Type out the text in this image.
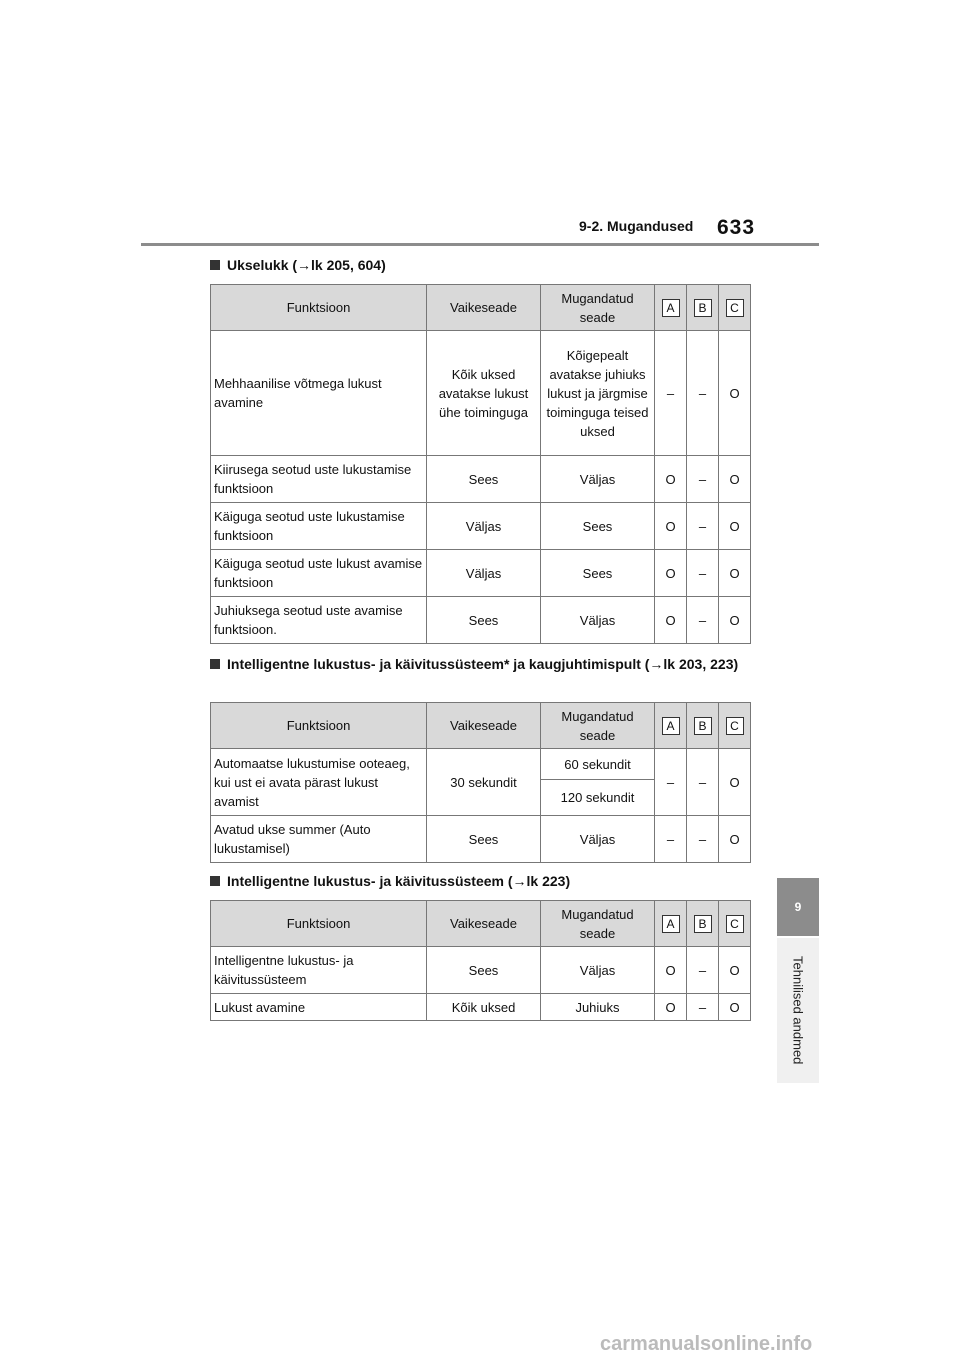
9-2. Mugandused 633
9
Tehnilised andmed
Ukselukk (→lk 205, 604)
Funktsioon	Vaikeseade	Mugandatud seade	A	B	C
Mehhaanilise võtmega lukust avamine	Kõik uksed avatakse lukust ühe toiminguga	Kõigepealt avatakse juhiuks lukust ja järgmise toiminguga teised uksed	–	–	O
Kiirusega seotud uste lukustamise funktsioon	Sees	Väljas	O	–	O
Käiguga seotud uste lukustamise funktsioon	Väljas	Sees	O	–	O
Käiguga seotud uste lukust avamise funktsioon	Väljas	Sees	O	–	O
Juhiuksega seotud uste avamise funktsioon.	Sees	Väljas	O	–	O
Intelligentne lukustus- ja käivitussüsteem* ja kaugjuhtimispult (→lk 203, 223)
Funktsioon	Vaikeseade	Mugandatud seade	A	B	C
Automaatse lukustumise ooteaeg, kui ust ei avata pärast lukust avamist	30 sekundit	60 sekundit	–	–	O
		120 sekundit			
Avatud ukse summer (Auto lukustamisel)	Sees	Väljas	–	–	O
Intelligentne lukustus- ja käivitussüsteem (→lk 223)
Funktsioon	Vaikeseade	Mugandatud seade	A	B	C
Intelligentne lukustus- ja käivitussüsteem	Sees	Väljas	O	–	O
Lukust avamine	Kõik uksed	Juhiuks	O	–	O
carmanualsonline.info
